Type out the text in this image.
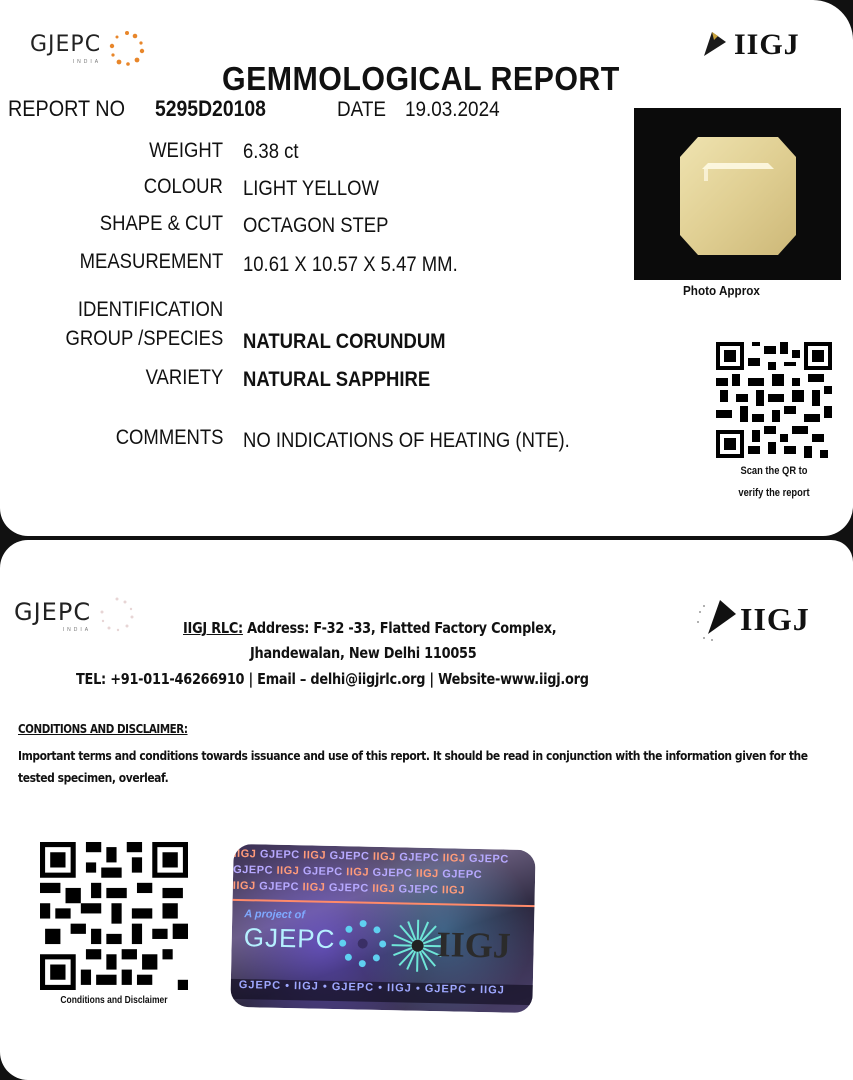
GJEPC
INDIA
IIGJ
GEMMOLOGICAL REPORT
REPORT NO 5295D20108	DATE 19.03.2024
WEIGHT 6.38 ct
COLOUR LIGHT YELLOW
SHAPE & CUT OCTAGON STEP
MEASUREMENT 10.61 X 10.57 X 5.47 MM.
IDENTIFICATION
GROUP /SPECIES NATURAL CORUNDUM
VARIETY NATURAL SAPPHIRE
COMMENTS NO INDICATIONS OF HEATING (NTE).
Photo Approx
Scan the QR to
verify the report
GJEPC
INDIA	IIGJ RLC: Address: F-32 -33, Flatted Factory Complex,
Jhandewalan, New Delhi 110055
TEL: +91-011-46266910 | Email – delhi@iigjrlc.org | Website-www.iigj.org
IIGJ
CONDITIONS AND DISCLAIMER:
Important terms and conditions towards issuance and use of this report. It should be read in conjunction with the information given for the tested specimen, overleaf.
Conditions and Disclaimer
IIGJ GJEPC IIGJ GJEPC IIGJ GJEPC IIGJ GJEPC
GJEPC IIGJ GJEPC IIGJ GJEPC IIGJ GJEPC
IIGJ GJEPC IIGJ GJEPC IIGJ GJEPC IIGJ
A project of
GJEPC	IIGJ
GJEPC • IIGJ • GJEPC • IIGJ • GJEPC • IIGJ
